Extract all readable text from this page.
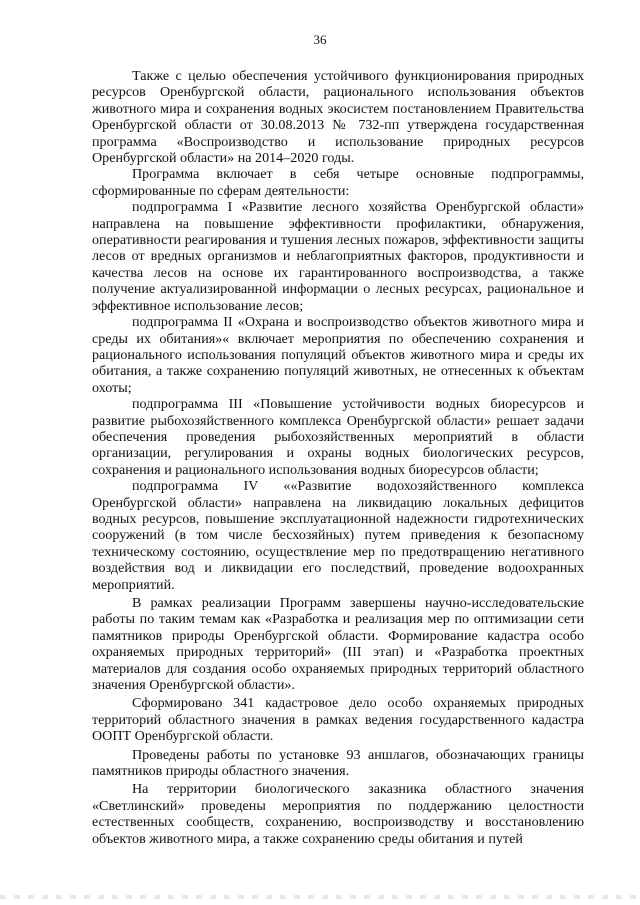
36

Также с целью обеспечения устойчивого функционирования природных ресурсов Оренбургской области, рационального использования объектов животного мира и сохранения водных экосистем постановлением Правительства Оренбургской области от 30.08.2013 № 732-пп утверждена государственная программа «Воспроизводство и использование природных ресурсов Оренбургской области» на 2014–2020 годы.

Программа включает в себя четыре основные подпрограммы, сформированные по сферам деятельности:

подпрограмма I «Развитие лесного хозяйства Оренбургской области» направлена на повышение эффективности профилактики, обнаружения, оперативности реагирования и тушения лесных пожаров, эффективности защиты лесов от вредных организмов и неблагоприятных факторов, продуктивности и качества лесов на основе их гарантированного воспроизводства, а также получение актуализированной информации о лесных ресурсах, рациональное и эффективное использование лесов;

подпрограмма II «Охрана и воспроизводство объектов животного мира и среды их обитания»« включает мероприятия по обеспечению сохранения и рационального использования популяций объектов животного мира и среды их обитания, а также сохранению популяций животных, не отнесенных к объектам охоты;

подпрограмма III «Повышение устойчивости водных биоресурсов и развитие рыбохозяйственного комплекса Оренбургской области» решает задачи обеспечения проведения рыбохозяйственных мероприятий в области организации, регулирования и охраны водных биологических ресурсов, сохранения и рационального использования водных биоресурсов области;

подпрограмма IV ««Развитие водохозяйственного комплекса Оренбургской области» направлена на ликвидацию локальных дефицитов водных ресурсов, повышение эксплуатационной надежности гидротехнических сооружений (в том числе бесхозяйных) путем приведения к безопасному техническому состоянию, осуществление мер по предотвращению негативного воздействия вод и ликвидации его последствий, проведение водоохранных мероприятий.

В рамках реализации Программ завершены научно-исследовательские работы по таким темам как «Разработка и реализация мер по оптимизации сети памятников природы Оренбургской области. Формирование кадастра особо охраняемых природных территорий» (III этап) и «Разработка проектных материалов для создания особо охраняемых природных территорий областного значения Оренбургской области».

Сформировано 341 кадастровое дело особо охраняемых природных территорий областного значения в рамках ведения государственного кадастра ООПТ Оренбургской области.

Проведены работы по установке 93 аншлагов, обозначающих границы памятников природы областного значения.

На территории биологического заказника областного значения «Светлинский» проведены мероприятия по поддержанию целостности естественных сообществ, сохранению, воспроизводству и восстановлению объектов животного мира, а также сохранению среды обитания и путей
